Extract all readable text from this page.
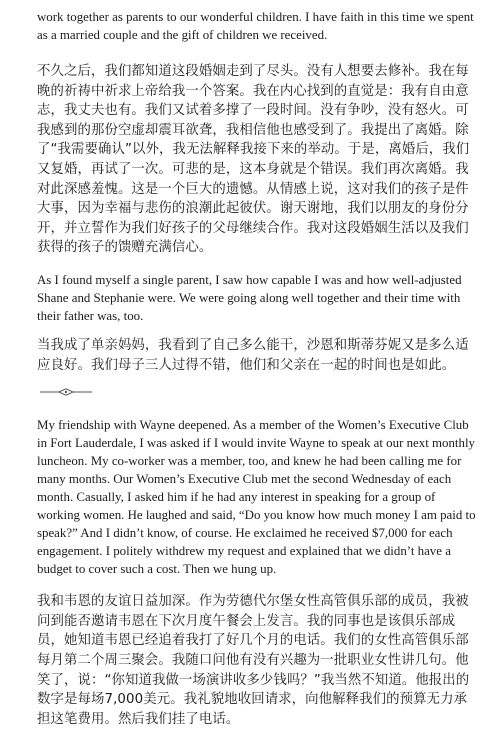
work together as parents to our wonderful children. I have faith in this time we spent as a married couple and the gift of children we received.

不久之后，我们都知道这段婚姻走到了尽头。没有人想要去修补。我在每晚的祈祷中祈求上帝给我一个答案。我在内心找到的直觉是：我有自由意志，我丈夫也有。我们又试着多撑了一段时间。没有争吵，没有怒火。可我感到的那份空虚却震耳欲聋，我相信他也感受到了。我提出了离婚。除了“我需要确认”以外，我无法解释我接下来的举动。于是，离婚后，我们又复婚，再试了一次。可悲的是，这本身就是个错误。我们再次离婚。我对此深感羞愧。这是一个巨大的遗憾。从情感上说，这对我们的孩子是件大事，因为幸福与悲伤的浪潮此起彼伏。谢天谢地，我们以朋友的身份分开，并立誓作为我们好孩子的父母继续合作。我对这段婚姻生活以及我们获得的孩子的馈赠充满信心。

As I found myself a single parent, I saw how capable I was and how well-adjusted Shane and Stephanie were. We were going along well together and their time with their father was, too.

当我成了单亲妈妈，我看到了自己多么能干，沙恩和斯蒂芬妮又是多么适应良好。我们母子三人过得不错，他们和父亲在一起的时间也是如此。

My friendship with Wayne deepened. As a member of the Women’s Executive Club in Fort Lauderdale, I was asked if I would invite Wayne to speak at our next monthly luncheon. My co-worker was a member, too, and knew he had been calling me for many months. Our Women’s Executive Club met the second Wednesday of each month. Casually, I asked him if he had any interest in speaking for a group of working women. He laughed and said, “Do you know how much money I am paid to speak?” And I didn’t know, of course. He exclaimed he received $7,000 for each engagement. I politely withdrew my request and explained that we didn’t have a budget to cover such a cost. Then we hung up.

我和韦恩的友谊日益加深。作为劳德代尔堡女性高管俱乐部的成员，我被问到能否邀请韦恩在下次月度午餐会上发言。我的同事也是该俱乐部成员，她知道韦恩已经追着我打了好几个月的电话。我们的女性高管俱乐部每月第二个周三聚会。我随口问他有没有兴趣为一批职业女性讲几句。他笑了，说：“你知道我做一场演讲收多少钱吗？”我当然不知道。他报出的数字是每场7,000美元。我礼貌地收回请求，向他解释我们的预算无力承担这笔费用。然后我们挂了电话。
